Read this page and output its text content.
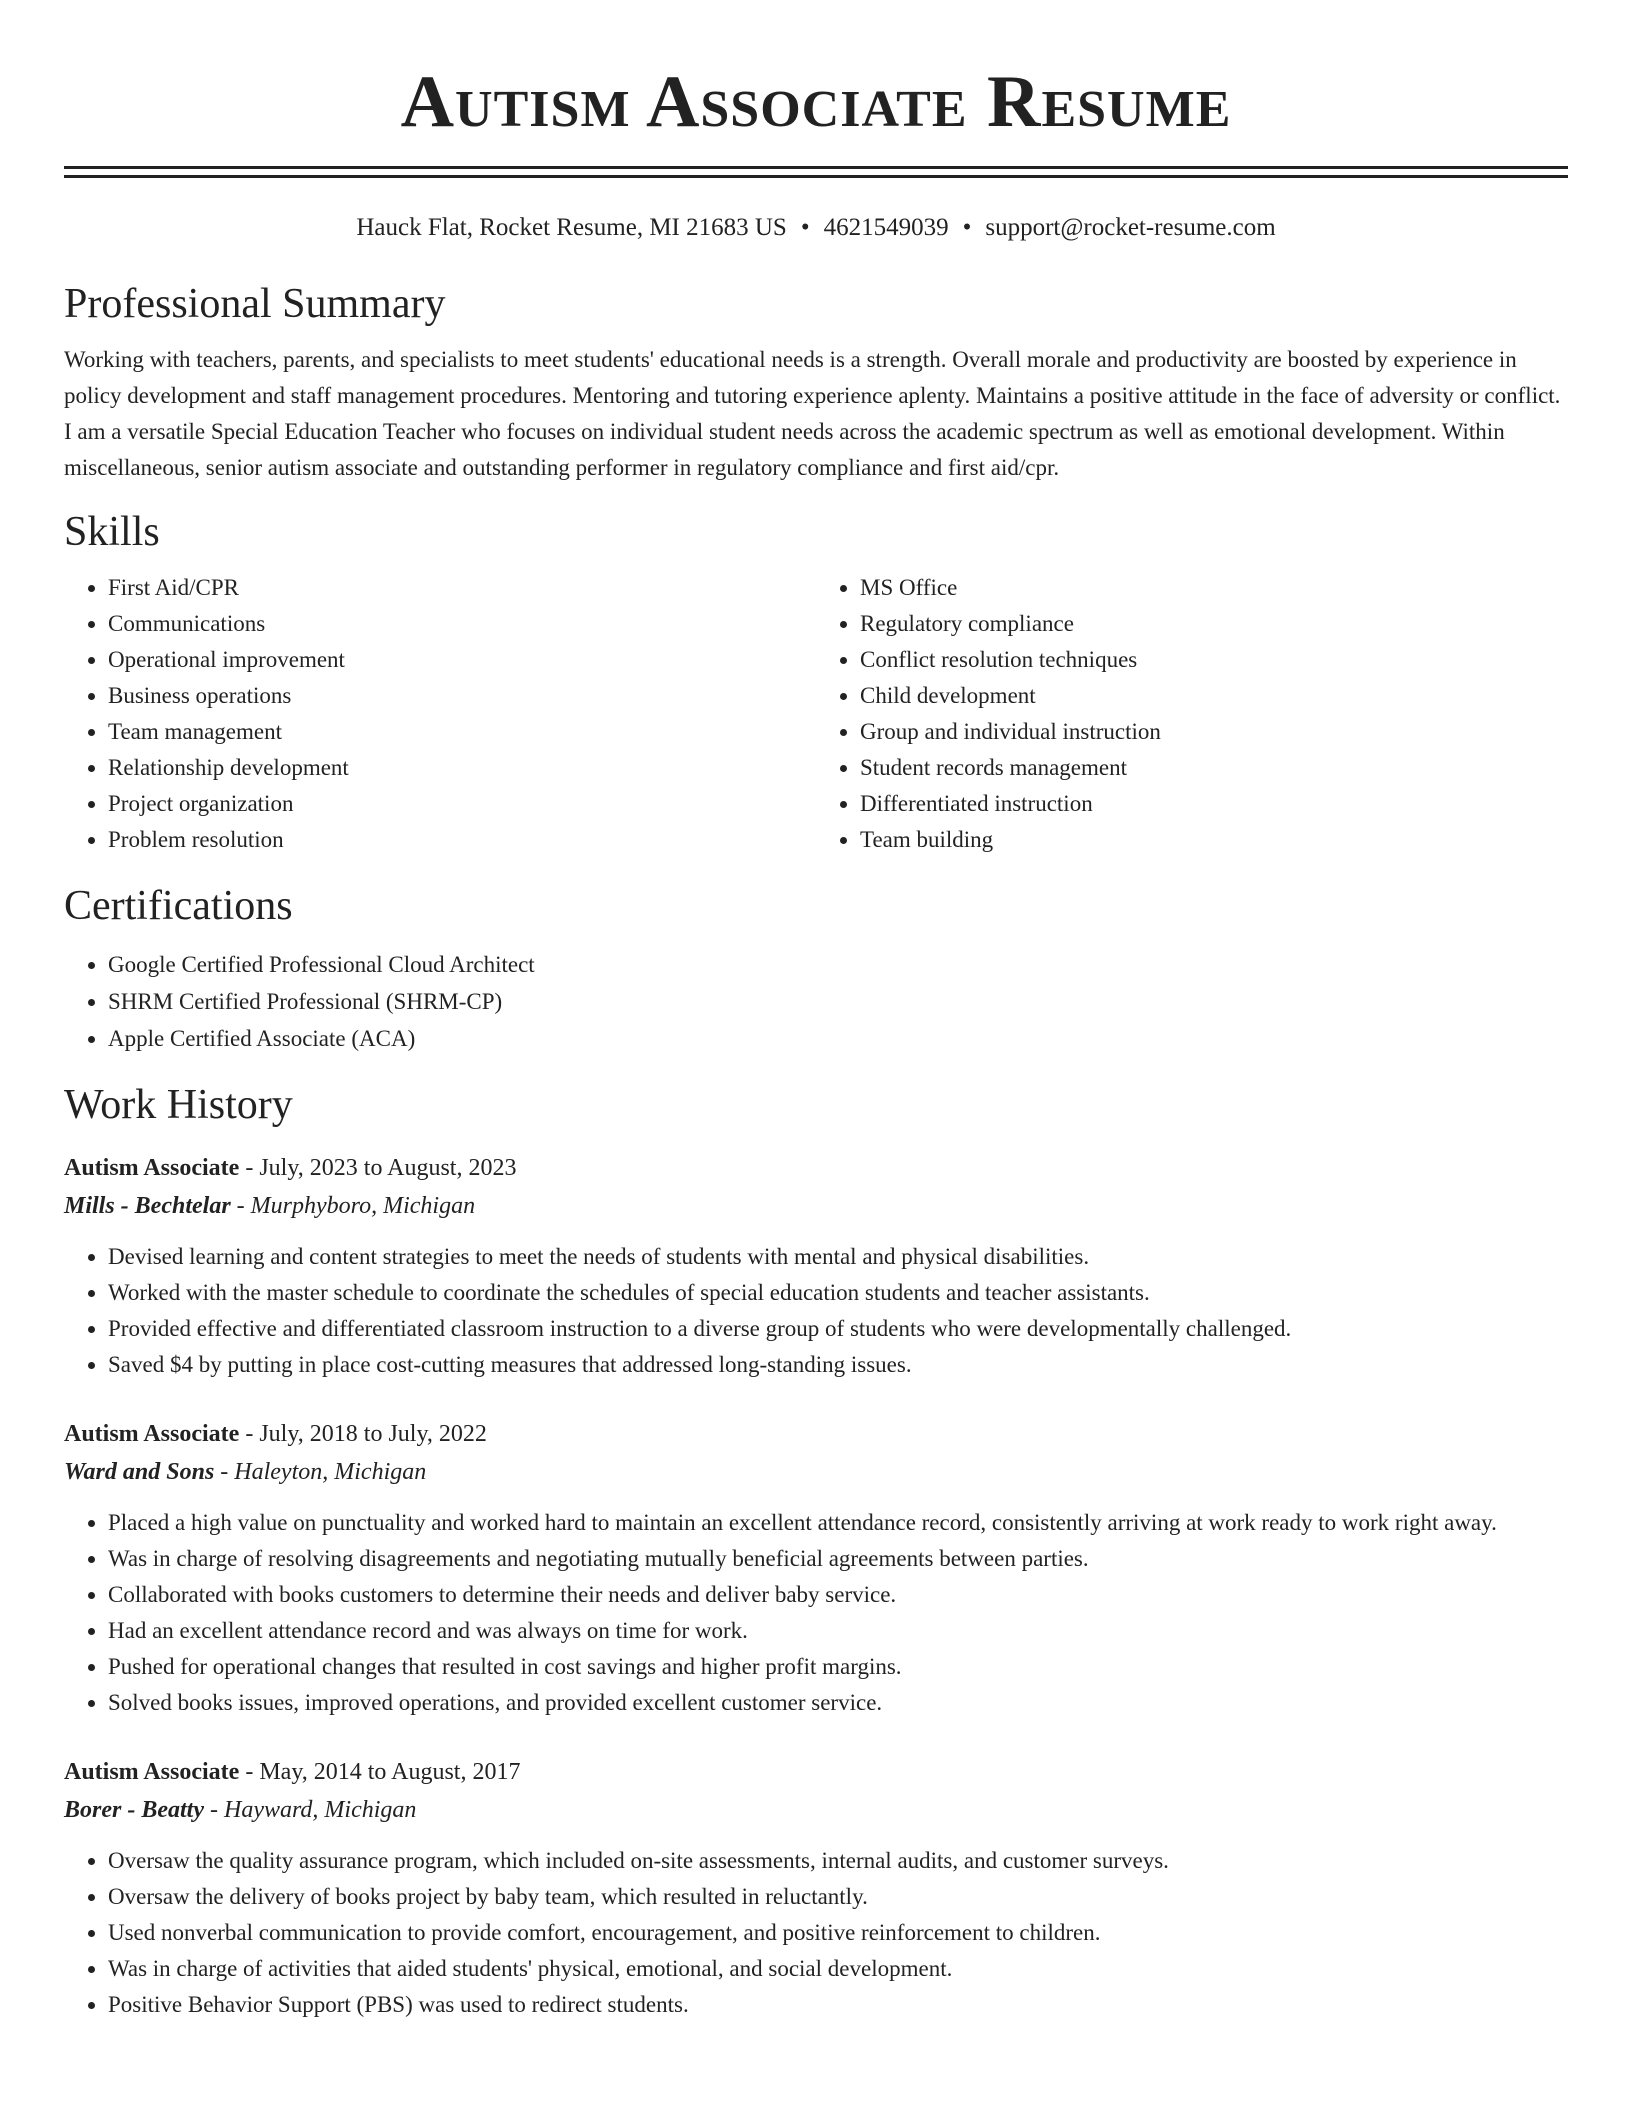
Autism Associate Resume
Hauck Flat, Rocket Resume, MI 21683 US • 4621549039 • support@rocket-resume.com
Professional Summary
Working with teachers, parents, and specialists to meet students' educational needs is a strength. Overall morale and productivity are boosted by experience in policy development and staff management procedures. Mentoring and tutoring experience aplenty. Maintains a positive attitude in the face of adversity or conflict. I am a versatile Special Education Teacher who focuses on individual student needs across the academic spectrum as well as emotional development. Within miscellaneous, senior autism associate and outstanding performer in regulatory compliance and first aid/cpr.
Skills
• First Aid/CPR
• Communications
• Operational improvement
• Business operations
• Team management
• Relationship development
• Project organization
• Problem resolution
• MS Office
• Regulatory compliance
• Conflict resolution techniques
• Child development
• Group and individual instruction
• Student records management
• Differentiated instruction
• Team building
Certifications
• Google Certified Professional Cloud Architect
• SHRM Certified Professional (SHRM-CP)
• Apple Certified Associate (ACA)
Work History
Autism Associate - July, 2023 to August, 2023
Mills - Bechtelar - Murphyboro, Michigan
• Devised learning and content strategies to meet the needs of students with mental and physical disabilities.
• Worked with the master schedule to coordinate the schedules of special education students and teacher assistants.
• Provided effective and differentiated classroom instruction to a diverse group of students who were developmentally challenged.
• Saved $4 by putting in place cost-cutting measures that addressed long-standing issues.
Autism Associate - July, 2018 to July, 2022
Ward and Sons - Haleyton, Michigan
• Placed a high value on punctuality and worked hard to maintain an excellent attendance record, consistently arriving at work ready to work right away.
• Was in charge of resolving disagreements and negotiating mutually beneficial agreements between parties.
• Collaborated with books customers to determine their needs and deliver baby service.
• Had an excellent attendance record and was always on time for work.
• Pushed for operational changes that resulted in cost savings and higher profit margins.
• Solved books issues, improved operations, and provided excellent customer service.
Autism Associate - May, 2014 to August, 2017
Borer - Beatty - Hayward, Michigan
• Oversaw the quality assurance program, which included on-site assessments, internal audits, and customer surveys.
• Oversaw the delivery of books project by baby team, which resulted in reluctantly.
• Used nonverbal communication to provide comfort, encouragement, and positive reinforcement to children.
• Was in charge of activities that aided students' physical, emotional, and social development.
• Positive Behavior Support (PBS) was used to redirect students.
